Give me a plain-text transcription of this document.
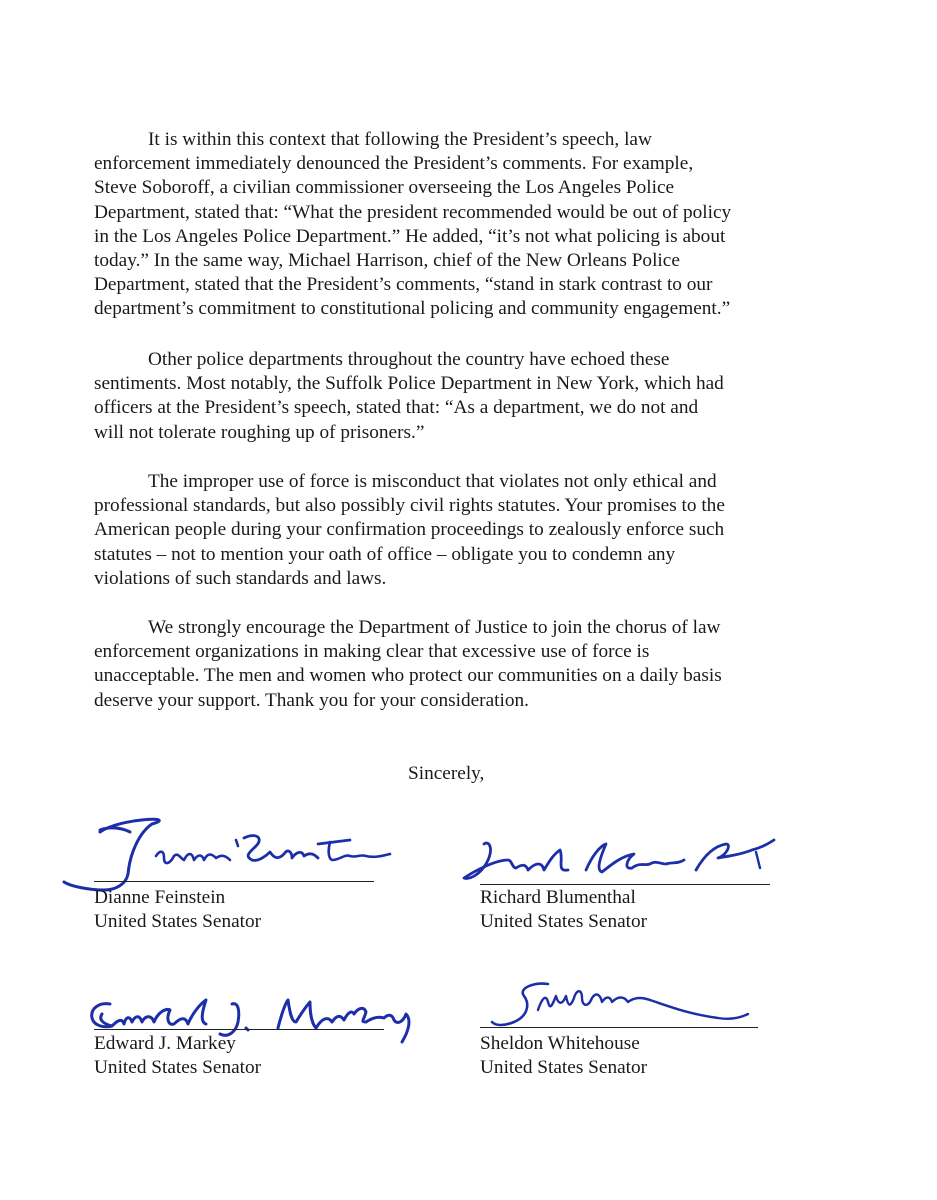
It is within this context that following the President’s speech, law
enforcement immediately denounced the President’s comments. For example,
Steve Soboroff, a civilian commissioner overseeing the Los Angeles Police
Department, stated that: “What the president recommended would be out of policy
in the Los Angeles Police Department.” He added, “it’s not what policing is about
today.” In the same way, Michael Harrison, chief of the New Orleans Police
Department, stated that the President’s comments, “stand in stark contrast to our
department’s commitment to constitutional policing and community engagement.”
Other police departments throughout the country have echoed these
sentiments. Most notably, the Suffolk Police Department in New York, which had
officers at the President’s speech, stated that: “As a department, we do not and
will not tolerate roughing up of prisoners.”
The improper use of force is misconduct that violates not only ethical and
professional standards, but also possibly civil rights statutes. Your promises to the
American people during your confirmation proceedings to zealously enforce such
statutes – not to mention your oath of office – obligate you to condemn any
violations of such standards and laws.
We strongly encourage the Department of Justice to join the chorus of law
enforcement organizations in making clear that excessive use of force is
unacceptable. The men and women who protect our communities on a daily basis
deserve your support. Thank you for your consideration.
Sincerely,
Dianne Feinstein
United States Senator
Richard Blumenthal
United States Senator
Edward J. Markey
United States Senator
Sheldon Whitehouse
United States Senator
